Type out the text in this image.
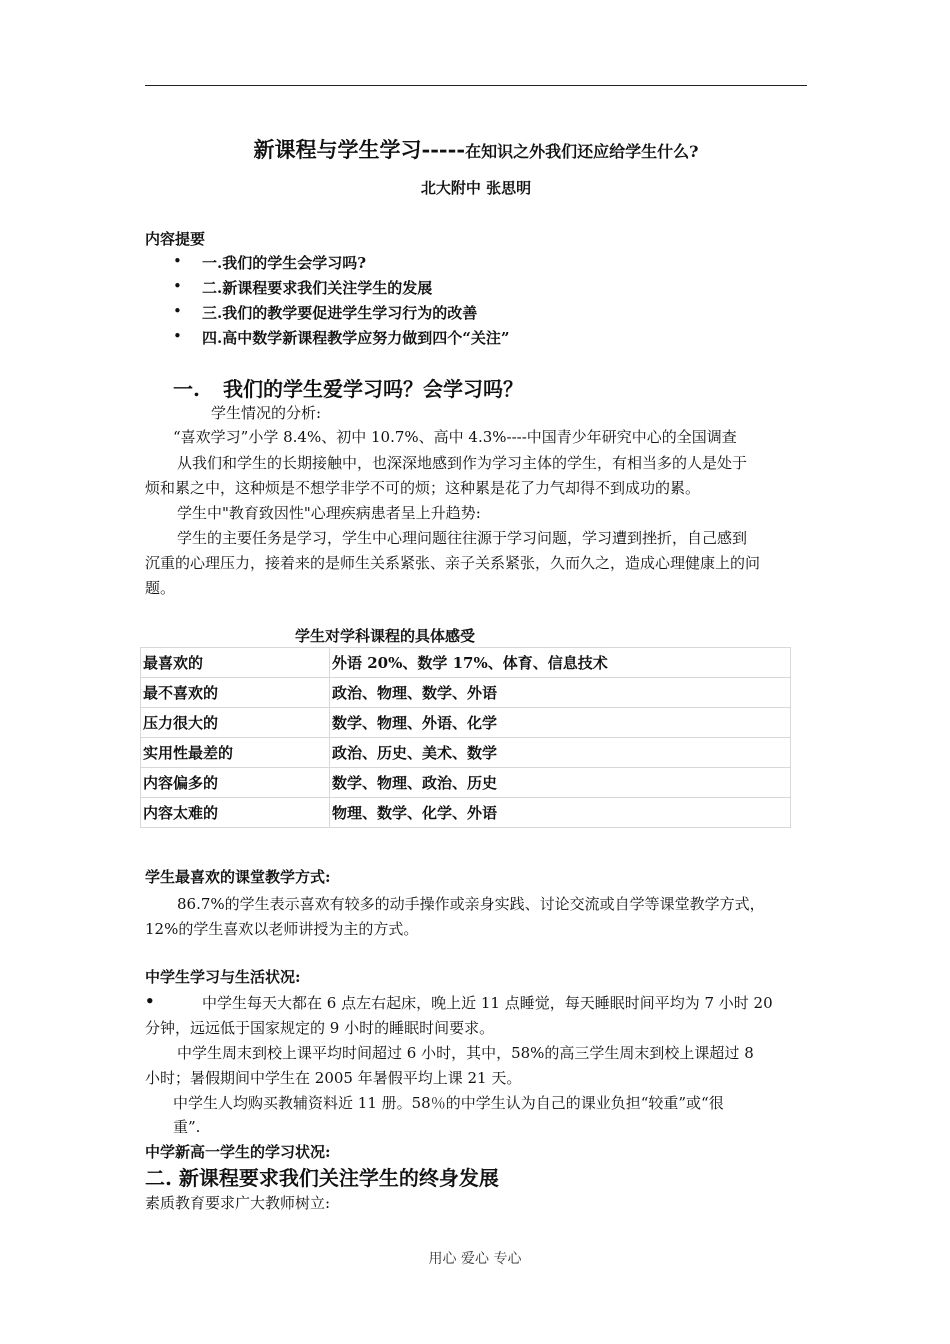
新课程与学生学习-----在知识之外我们还应给学生什么?
北大附中 张思明
内容提要
• 一.我们的学生会学习吗?
• 二.新课程要求我们关注学生的发展
• 三.我们的教学要促进学生学习行为的改善
• 四.高中数学新课程教学应努力做到四个“关注”
一. 我们的学生爱学习吗？会学习吗？
学生情况的分析:
“喜欢学习”小学 8.4%、初中 10.7%、高中 4.3%----中国青少年研究中心的全国调查
从我们和学生的长期接触中，也深深地感到作为学习主体的学生，有相当多的人是处于
烦和累之中，这种烦是不想学非学不可的烦；这种累是花了力气却得不到成功的累。
学生中"教育致因性"心理疾病患者呈上升趋势:
学生的主要任务是学习，学生中心理问题往往源于学习问题，学习遭到挫折，自己感到
沉重的心理压力，接着来的是师生关系紧张、亲子关系紧张，久而久之，造成心理健康上的问
题。
学生对学科课程的具体感受
最喜欢的	外语 20%、数学 17%、体育、信息技术
最不喜欢的	政治、物理、数学、外语
压力很大的	数学、物理、外语、化学
实用性最差的	政治、历史、美术、数学
内容偏多的	数学、物理、政治、历史
内容太难的	物理、数学、化学、外语
学生最喜欢的课堂教学方式:
86.7%的学生表示喜欢有较多的动手操作或亲身实践、讨论交流或自学等课堂教学方式，
12%的学生喜欢以老师讲授为主的方式。
中学生学习与生活状况:
•	中学生每天大都在 6 点左右起床，晚上近 11 点睡觉，每天睡眠时间平均为 7 小时 20
分钟，远远低于国家规定的 9 小时的睡眠时间要求。
中学生周末到校上课平均时间超过 6 小时，其中，58%的高三学生周末到校上课超过 8
小时；暑假期间中学生在 2005 年暑假平均上课 21 天。
中学生人均购买教辅资料近 11 册。58％的中学生认为自己的课业负担“较重”或“很
重”.
中学新高一学生的学习状况:
二. 新课程要求我们关注学生的终身发展
素质教育要求广大教师树立:
用心 爱心 专心
